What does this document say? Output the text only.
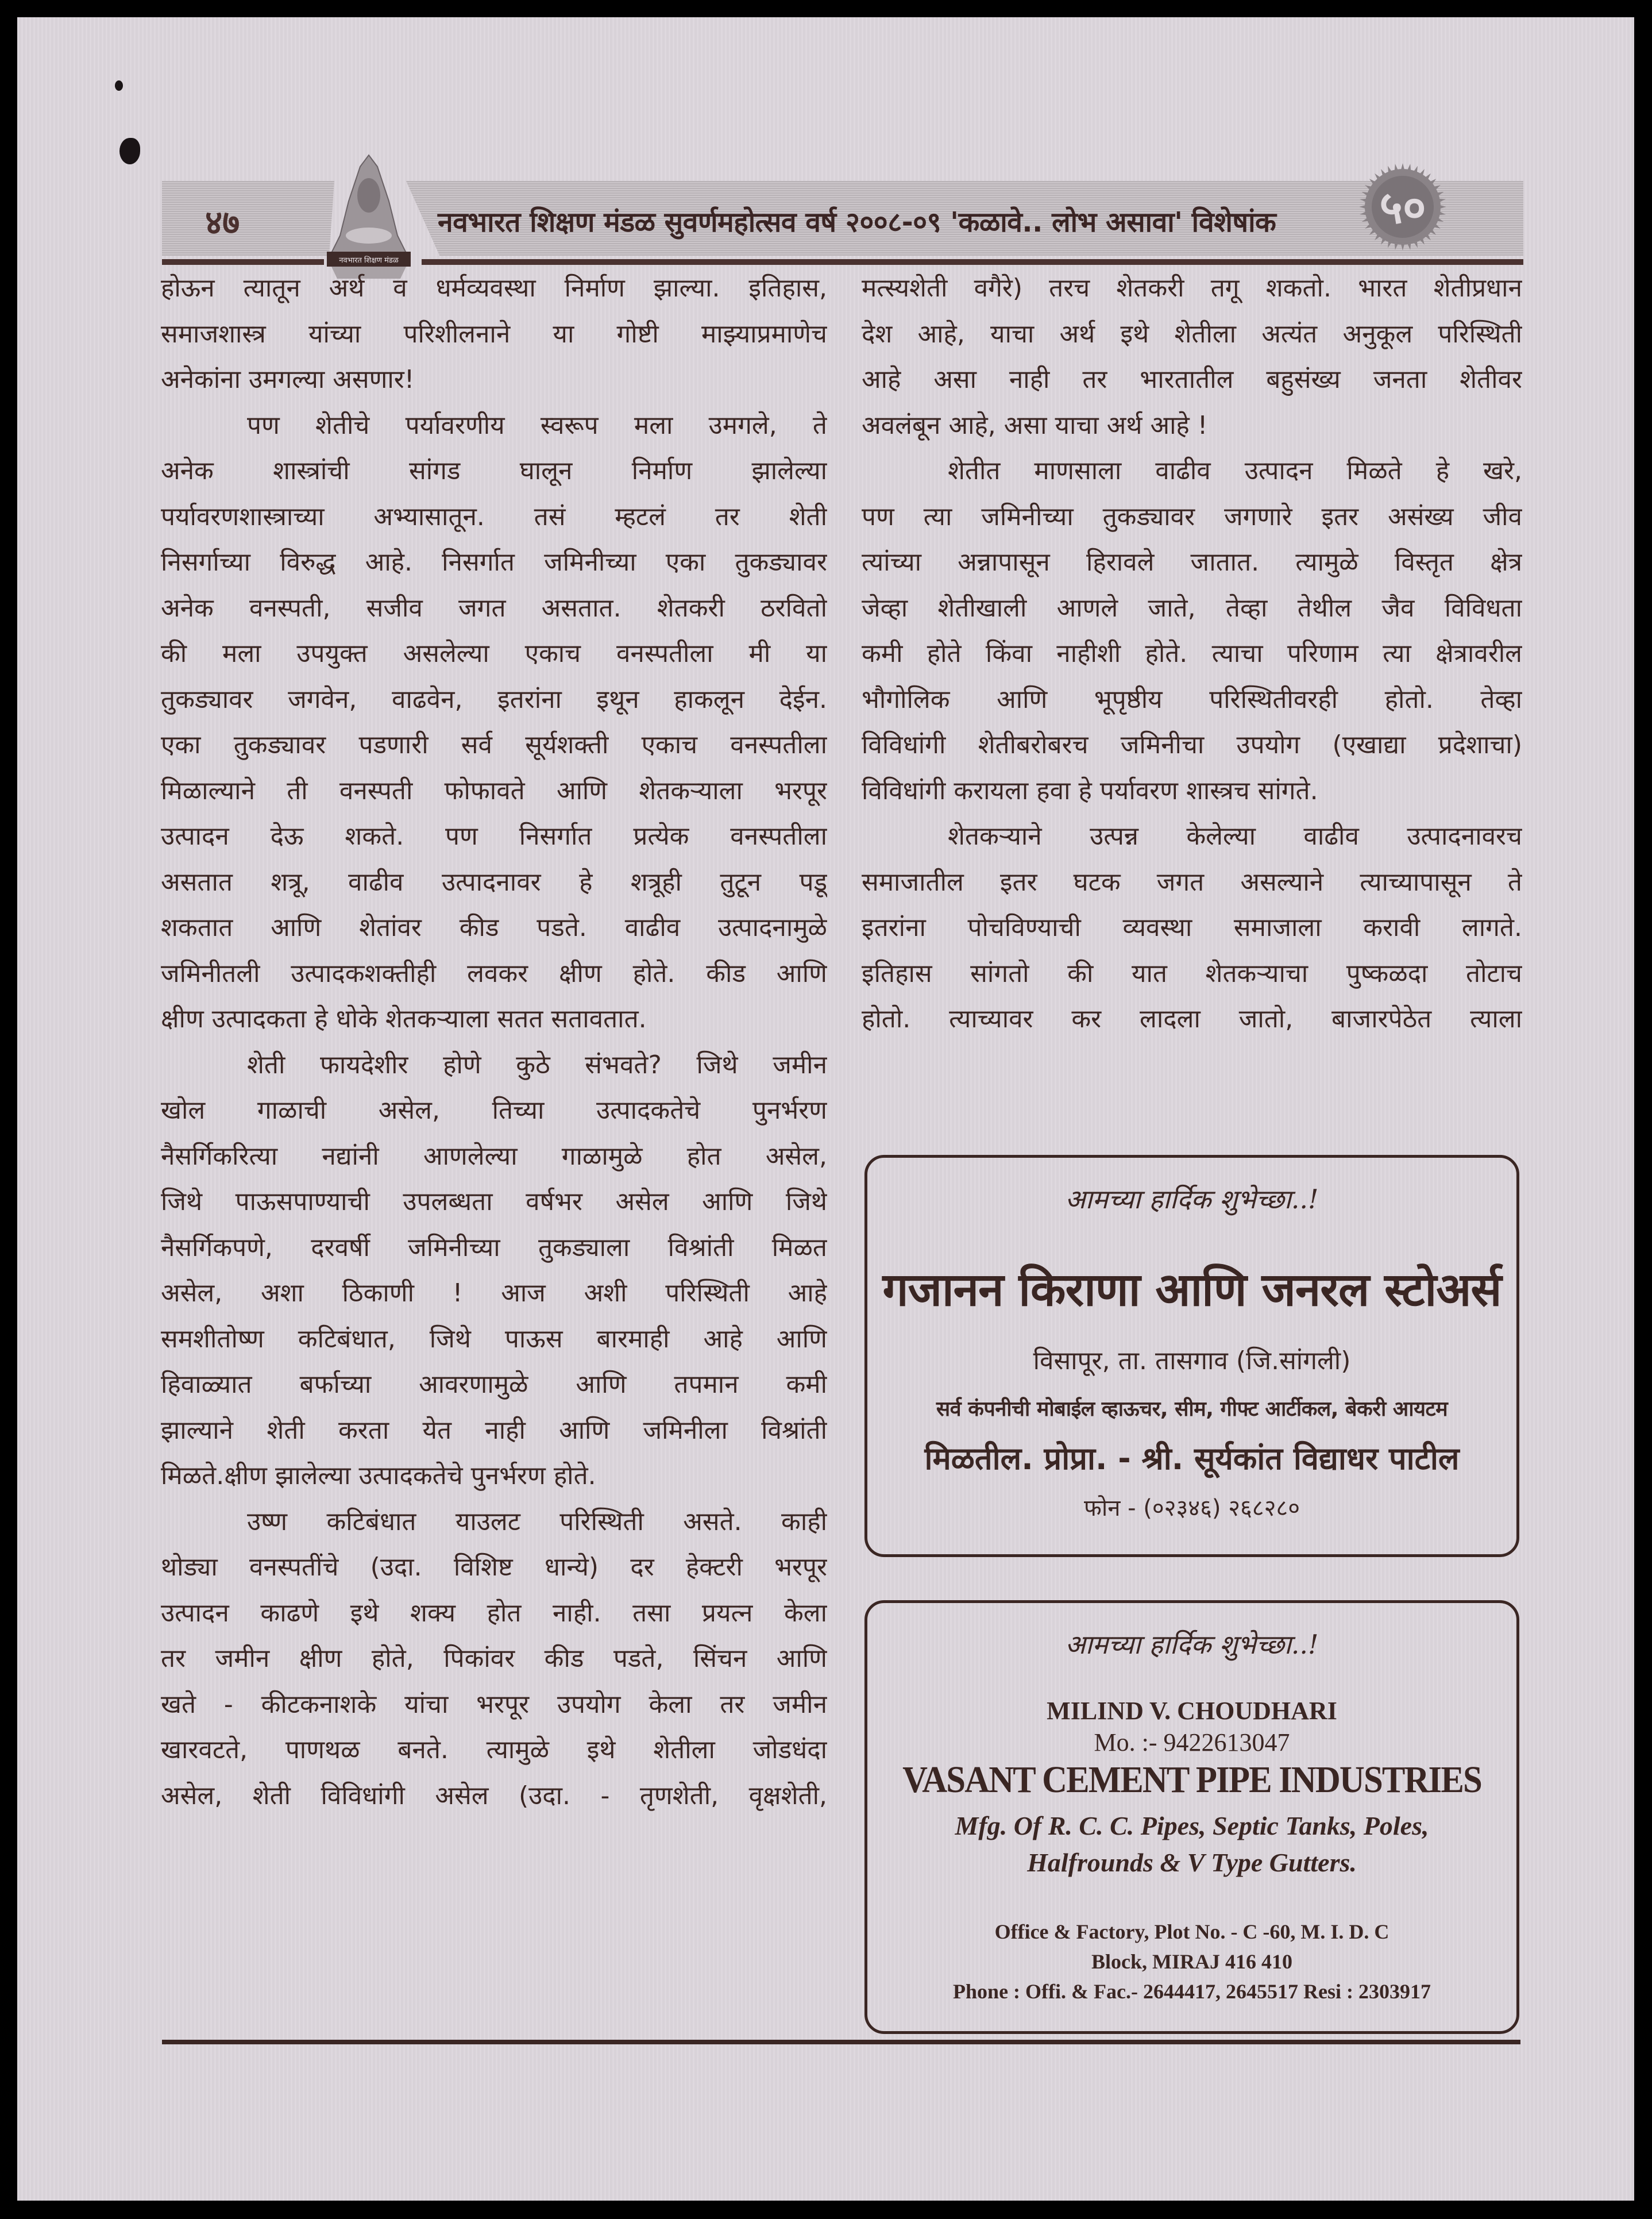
४७
नवभारत शिक्षण मंडळ
नवभारत शिक्षण मंडळ सुवर्णमहोत्सव वर्ष २००८-०९ 'कळावे.. लोभ असावा' विशेषांक ५०
होऊन त्यातून अर्थ व धर्मव्यवस्था निर्माण झाल्या. इतिहास,
समाजशास्त्र यांच्या परिशीलनाने या गोष्टी माझ्याप्रमाणेच
अनेकांना उमगल्या असणार!
पण शेतीचे पर्यावरणीय स्वरूप मला उमगले, ते
अनेक शास्त्रांची सांगड घालून निर्माण झालेल्या
पर्यावरणशास्त्राच्या अभ्यासातून. तसं म्हटलं तर शेती
निसर्गाच्या विरुद्ध आहे. निसर्गात जमिनीच्या एका तुकड्यावर
अनेक वनस्पती, सजीव जगत असतात. शेतकरी ठरवितो
की मला उपयुक्त असलेल्या एकाच वनस्पतीला मी या
तुकड्यावर जगवेन, वाढवेन, इतरांना इथून हाकलून देईन.
एका तुकड्यावर पडणारी सर्व सूर्यशक्ती एकाच वनस्पतीला
मिळाल्याने ती वनस्पती फोफावते आणि शेतकऱ्याला भरपूर
उत्पादन देऊ शकते. पण निसर्गात प्रत्येक वनस्पतीला
असतात शत्रू, वाढीव उत्पादनावर हे शत्रूही तुटून पडू
शकतात आणि शेतांवर कीड पडते. वाढीव उत्पादनामुळे
जमिनीतली उत्पादकशक्तीही लवकर क्षीण होते. कीड आणि
क्षीण उत्पादकता हे धोके शेतकऱ्याला सतत सतावतात.
शेती फायदेशीर होणे कुठे संभवते? जिथे जमीन
खोल गाळाची असेल, तिच्या उत्पादकतेचे पुनर्भरण
नैसर्गिकरित्या नद्यांनी आणलेल्या गाळामुळे होत असेल,
जिथे पाऊसपाण्याची उपलब्धता वर्षभर असेल आणि जिथे
नैसर्गिकपणे, दरवर्षी जमिनीच्या तुकड्याला विश्रांती मिळत
असेल, अशा ठिकाणी ! आज अशी परिस्थिती आहे
समशीतोष्ण कटिबंधात, जिथे पाऊस बारमाही आहे आणि
हिवाळ्यात बर्फाच्या आवरणामुळे आणि तपमान कमी
झाल्याने शेती करता येत नाही आणि जमिनीला विश्रांती
मिळते.क्षीण झालेल्या उत्पादकतेचे पुनर्भरण होते.
उष्ण कटिबंधात याउलट परिस्थिती असते. काही
थोड्या वनस्पतींचे (उदा. विशिष्ट धान्ये) दर हेक्टरी भरपूर
उत्पादन काढणे इथे शक्य होत नाही. तसा प्रयत्न केला
तर जमीन क्षीण होते, पिकांवर कीड पडते, सिंचन आणि
खते - कीटकनाशके यांचा भरपूर उपयोग केला तर जमीन
खारवटते, पाणथळ बनते. त्यामुळे इथे शेतीला जोडधंदा
असेल, शेती विविधांगी असेल (उदा. - तृणशेती, वृक्षशेती,
मत्स्यशेती वगैरे) तरच शेतकरी तगू शकतो. भारत शेतीप्रधान
देश आहे, याचा अर्थ इथे शेतीला अत्यंत अनुकूल परिस्थिती
आहे असा नाही तर भारतातील बहुसंख्य जनता शेतीवर
अवलंबून आहे, असा याचा अर्थ आहे !
शेतीत माणसाला वाढीव उत्पादन मिळते हे खरे,
पण त्या जमिनीच्या तुकड्यावर जगणारे इतर असंख्य जीव
त्यांच्या अन्नापासून हिरावले जातात. त्यामुळे विस्तृत क्षेत्र
जेव्हा शेतीखाली आणले जाते, तेव्हा तेथील जैव विविधता
कमी होते किंवा नाहीशी होते. त्याचा परिणाम त्या क्षेत्रावरील
भौगोलिक आणि भूपृष्ठीय परिस्थितीवरही होतो. तेव्हा
विविधांगी शेतीबरोबरच जमिनीचा उपयोग (एखाद्या प्रदेशाचा)
विविधांगी करायला हवा हे पर्यावरण शास्त्रच सांगते.
शेतकऱ्याने उत्पन्न केलेल्या वाढीव उत्पादनावरच
समाजातील इतर घटक जगत असल्याने त्याच्यापासून ते
इतरांना पोचविण्याची व्यवस्था समाजाला करावी लागते.
इतिहास सांगतो की यात शेतकऱ्याचा पुष्कळदा तोटाच
होतो. त्याच्यावर कर लादला जातो, बाजारपेठेत त्याला
आमच्या हार्दिक शुभेच्छा..!
गजानन किराणा आणि जनरल स्टोअर्स
विसापूर, ता. तासगाव (जि.सांगली)
सर्व कंपनीची मोबाईल व्हाऊचर, सीम, गीफ्ट आर्टीकल, बेकरी आयटम
मिळतील. प्रोप्रा. - श्री. सूर्यकांत विद्याधर पाटील
फोन - (०२३४६) २६८२८०
आमच्या हार्दिक शुभेच्छा..!
MILIND V. CHOUDHARI
Mo. :- 9422613047
VASANT CEMENT PIPE INDUSTRIES
Mfg. Of R. C. C. Pipes, Septic Tanks, Poles,
Halfrounds & V Type Gutters.
Office & Factory, Plot No. - C -60, M. I. D. C
Block, MIRAJ 416 410
Phone : Offi. & Fac.- 2644417, 2645517 Resi : 2303917
